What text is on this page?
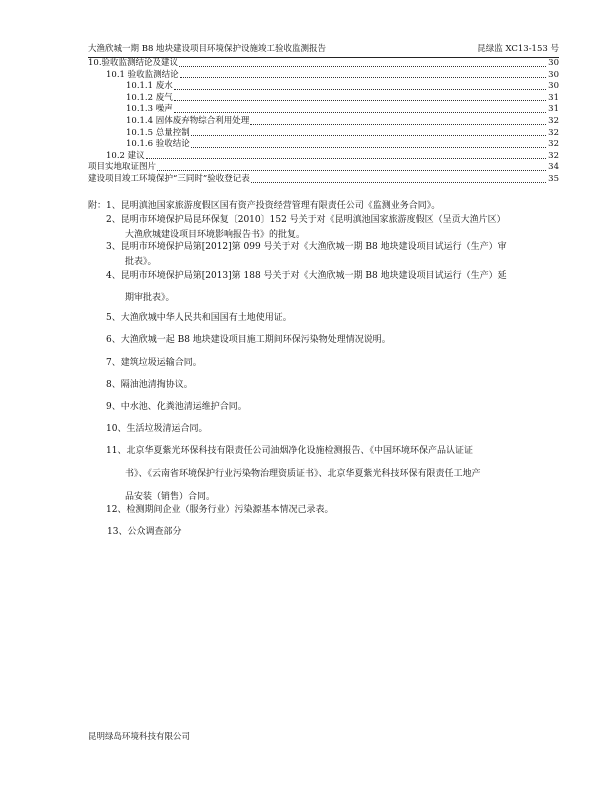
大渔欣城一期 B8 地块建设项目环境保护设施竣工验收监测报告	昆绿监 XC13-153 号
10.验收监测结论及建议	30
10.1 验收监测结论	30
10.1.1 废水	30
10.1.2 废气	31
10.1.3 噪声	31
10.1.4 固体废弃物综合利用处理	32
10.1.5 总量控制	32
10.1.6 验收结论	32
10.2 建议	32
项目实地取证图片	34
建设项目竣工环境保护“三同时”验收登记表	35
附： 1、昆明滇池国家旅游度假区国有资产投资经营管理有限责任公司《监测业务合同》。
2、昆明市环境保护局昆环保复〔2010〕152 号关于对《昆明滇池国家旅游度假区（呈贡大渔片区）
大渔欣城建设项目环境影响报告书》的批复。
3、昆明市环境保护局第[2012]第 099 号关于对《大渔欣城一期 B8 地块建设项目试运行（生产）审
批表》。
4、昆明市环境保护局第[2013]第 188 号关于对《大渔欣城一期 B8 地块建设项目试运行（生产）延
期审批表》。
5、大渔欣城中华人民共和国国有土地使用证。
6、大渔欣城一起 B8 地块建设项目施工期间环保污染物处理情况说明。
7、建筑垃圾运输合同。
8、隔油池清掏协议。
9、中水池、化粪池清运维护合同。
10、生活垃圾清运合同。
11、北京华夏紫光环保科技有限责任公司油烟净化设施检测报告、《中国环境环保产品认证证
书》、《云南省环境保护行业污染物治理资质证书》、北京华夏紫光科技环保有限责任工地产
品安装（销售）合同。
12、检测期间企业（服务行业）污染源基本情况己录表。
13、公众调查部分
昆明绿岛环境科技有限公司
